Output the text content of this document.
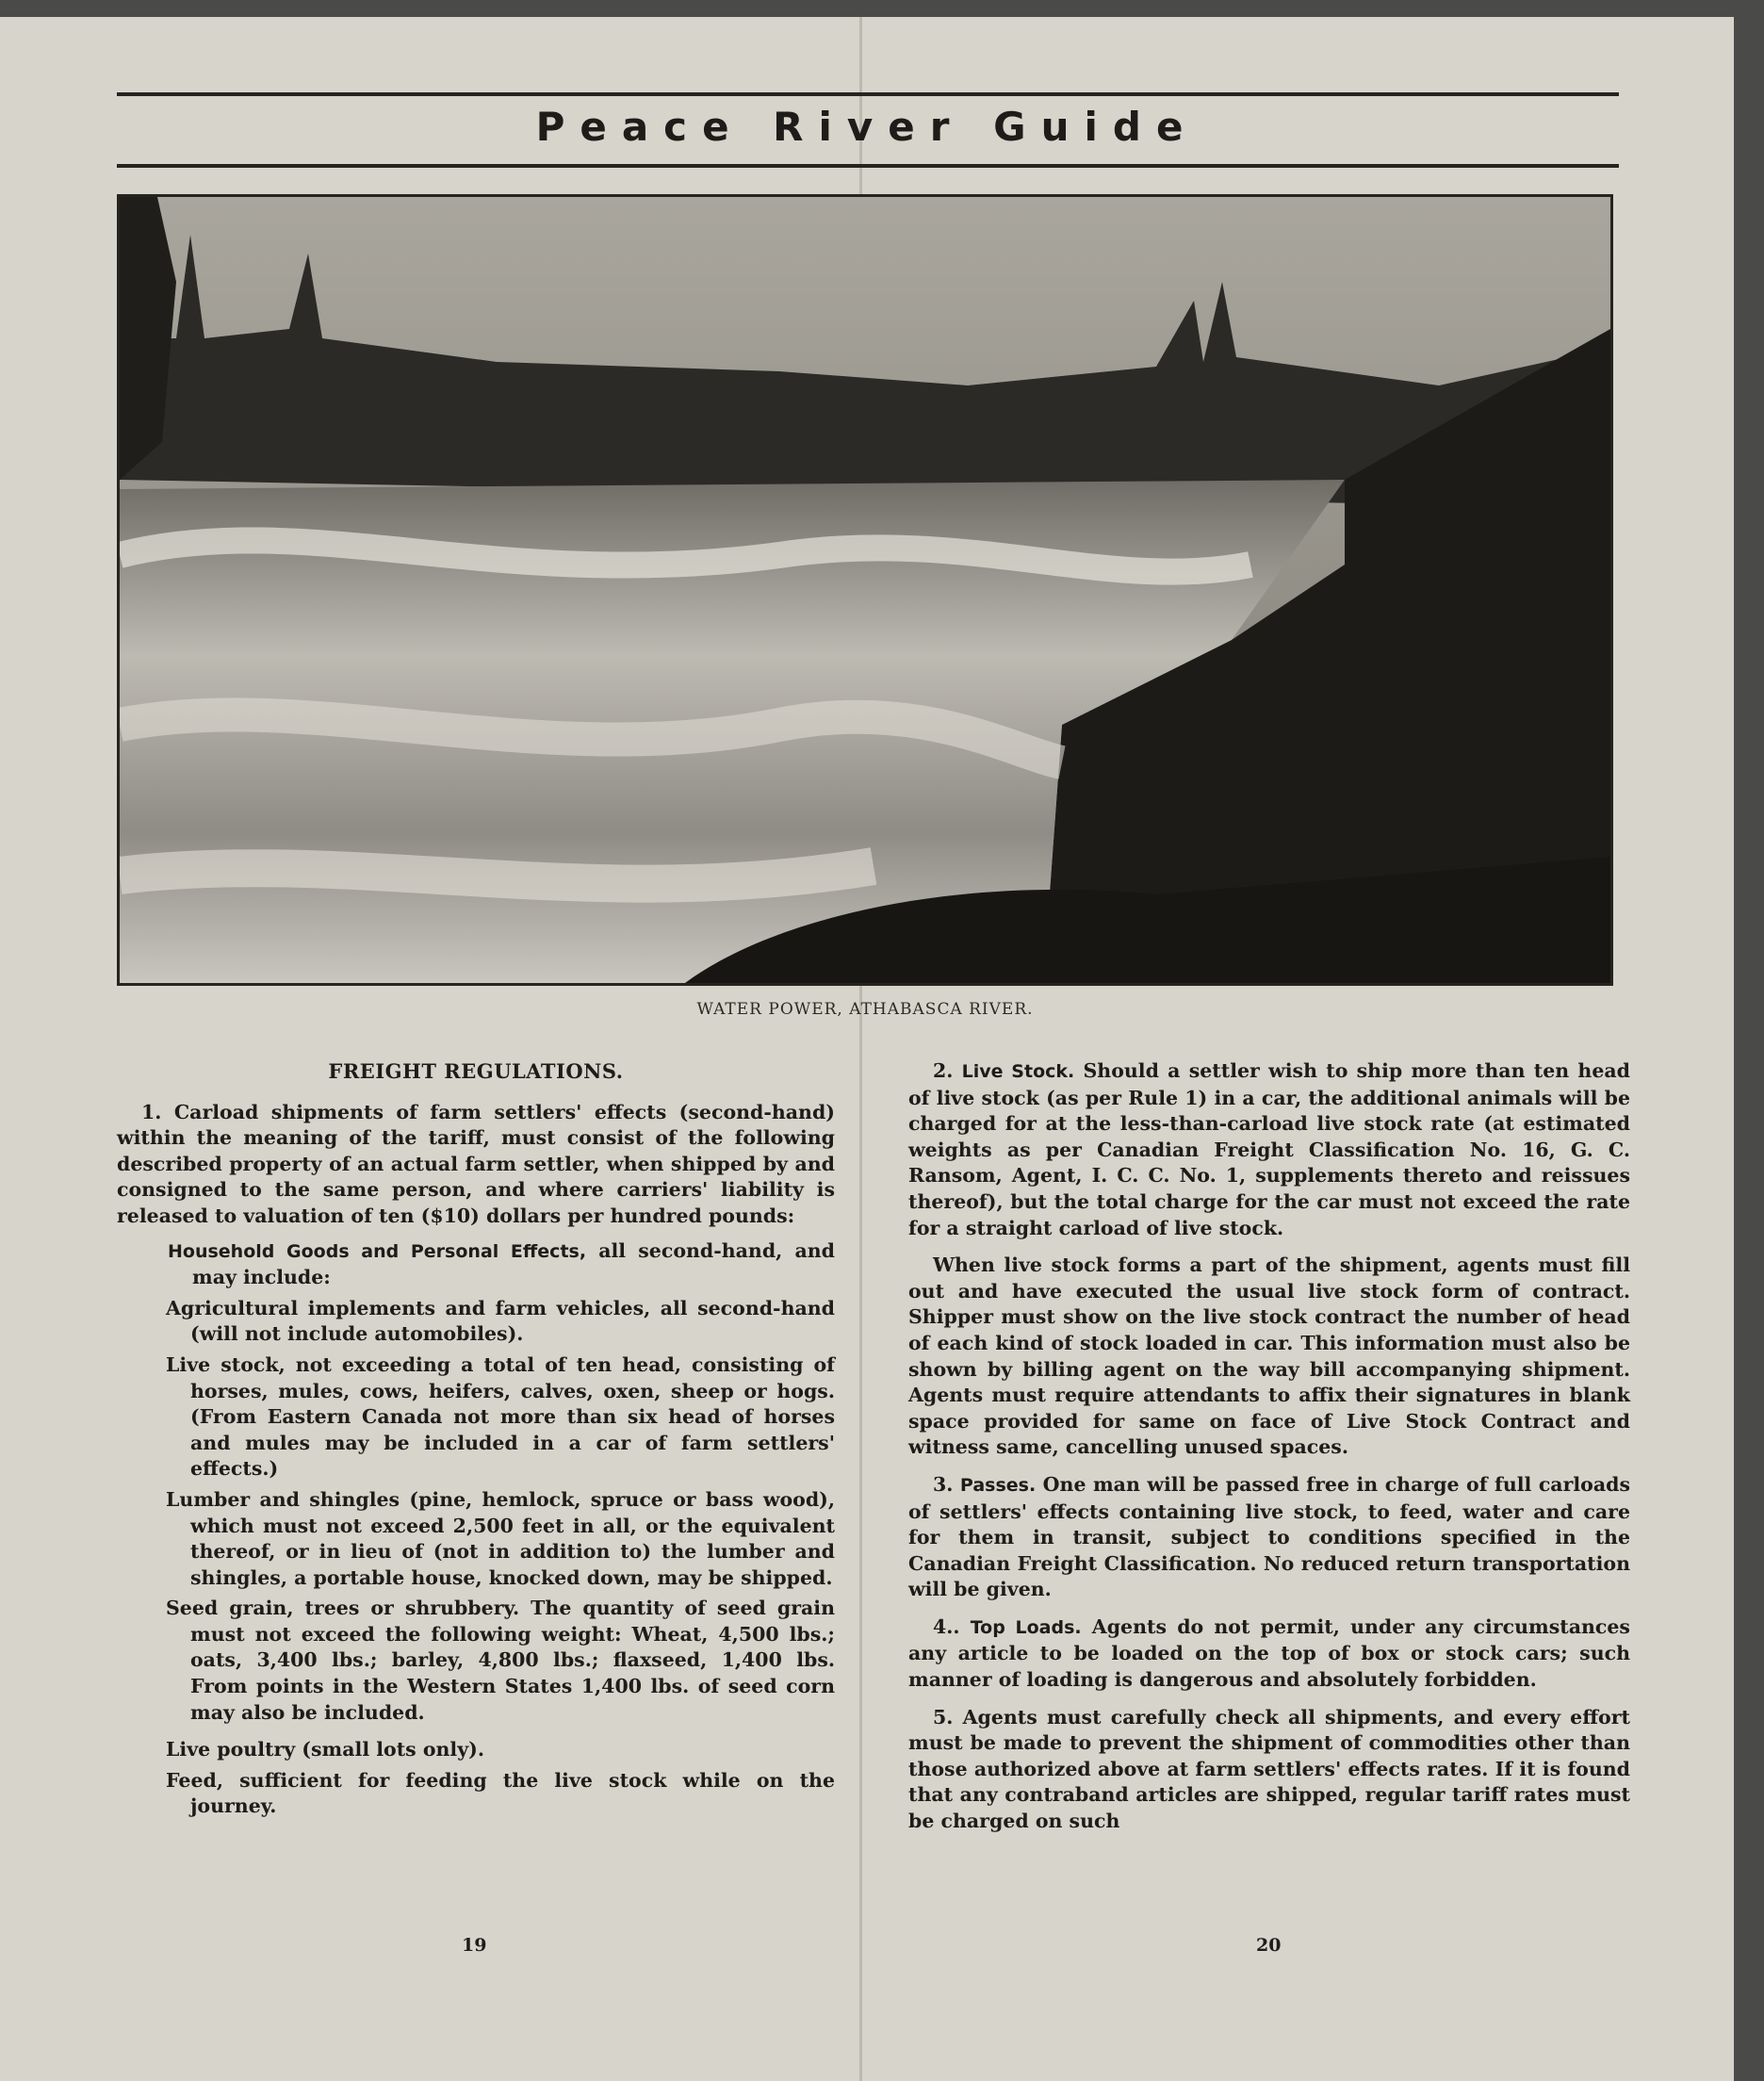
Peace River Guide
WATER POWER, ATHABASCA RIVER.

FREIGHT REGULATIONS.

1. Carload shipments of farm settlers' effects (second-hand) within the meaning of the tariff, must consist of the following described property of an actual farm settler, when shipped by and consigned to the same person, and where carriers' liability is released to valuation of ten ($10) dollars per hundred pounds:

Household Goods and Personal Effects, all second-hand, and may include:

Agricultural implements and farm vehicles, all second-hand (will not include automobiles).

Live stock, not exceeding a total of ten head, consisting of horses, mules, cows, heifers, calves, oxen, sheep or hogs. (From Eastern Canada not more than six head of horses and mules may be included in a car of farm settlers' effects.)

Lumber and shingles (pine, hemlock, spruce or bass wood), which must not exceed 2,500 feet in all, or the equivalent thereof, or in lieu of (not in addition to) the lumber and shingles, a portable house, knocked down, may be shipped.

Seed grain, trees or shrubbery. The quantity of seed grain must not exceed the following weight: Wheat, 4,500 lbs.; oats, 3,400 lbs.; barley, 4,800 lbs.; flaxseed, 1,400 lbs. From points in the Western States 1,400 lbs. of seed corn may also be included.

Live poultry (small lots only).

Feed, sufficient for feeding the live stock while on the journey.

19

2. Live Stock. Should a settler wish to ship more than ten head of live stock (as per Rule 1) in a car, the additional animals will be charged for at the less-than-carload live stock rate (at estimated weights as per Canadian Freight Classification No. 16, G. C. Ransom, Agent, I. C. C. No. 1, supplements thereto and reissues thereof), but the total charge for the car must not exceed the rate for a straight carload of live stock.

When live stock forms a part of the shipment, agents must fill out and have executed the usual live stock form of contract. Shipper must show on the live stock contract the number of head of each kind of stock loaded in car. This information must also be shown by billing agent on the way bill accompanying shipment. Agents must require attendants to affix their signatures in blank space provided for same on face of Live Stock Contract and witness same, cancelling unused spaces.

3. Passes. One man will be passed free in charge of full carloads of settlers' effects containing live stock, to feed, water and care for them in transit, subject to conditions specified in the Canadian Freight Classification. No reduced return transportation will be given.

4.. Top Loads. Agents do not permit, under any circumstances any article to be loaded on the top of box or stock cars; such manner of loading is dangerous and absolutely forbidden.

5. Agents must carefully check all shipments, and every effort must be made to prevent the shipment of commodities other than those authorized above at farm settlers' effects rates. If it is found that any contraband articles are shipped, regular tariff rates must be charged on such

20
